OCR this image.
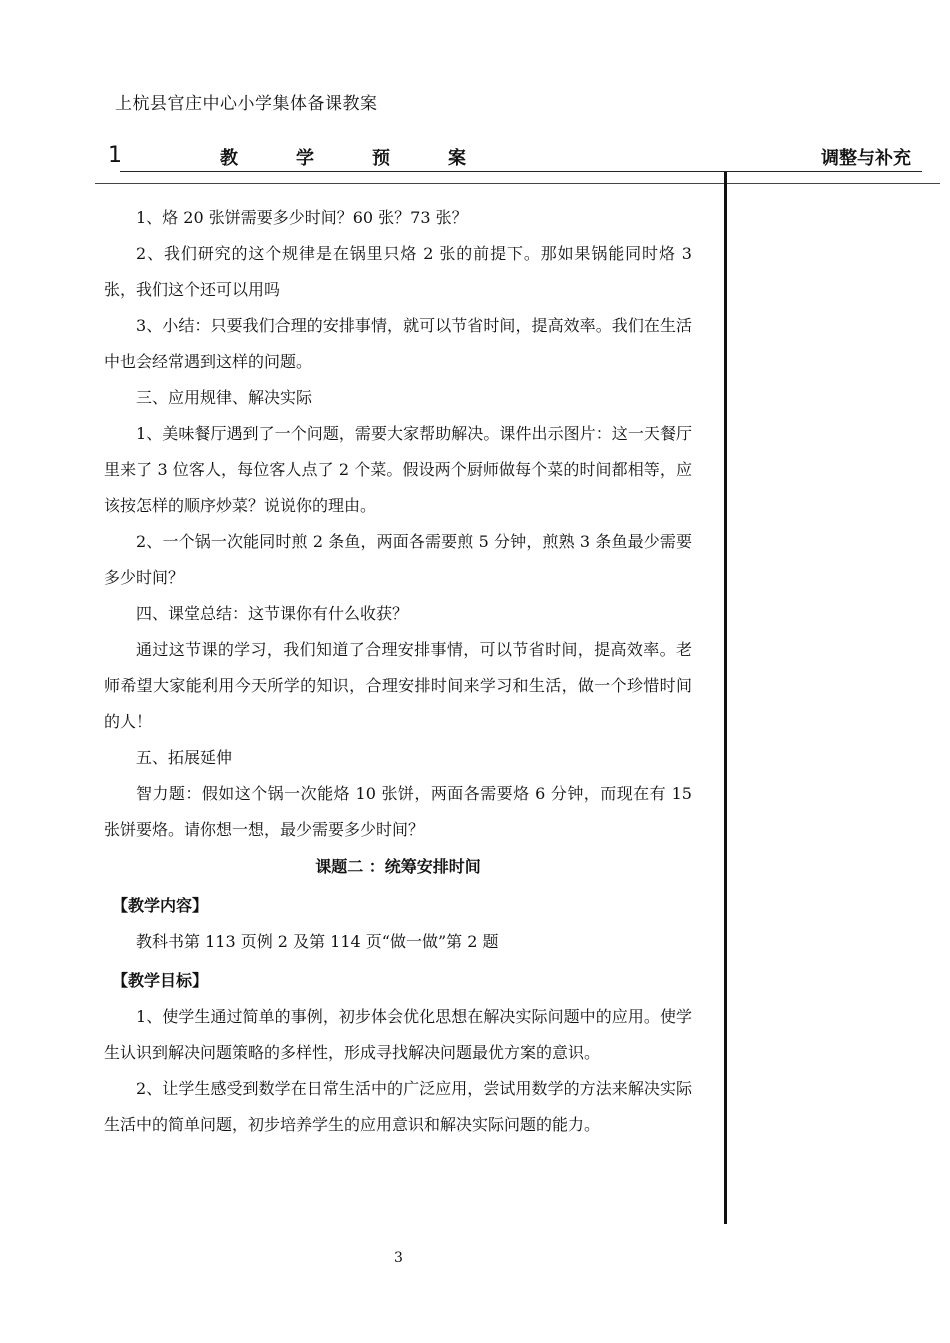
上杭县官庄中心小学集体备课教案
1	教学预案	调整与补充

1、烙 20 张饼需要多少时间？60 张？73 张？

2、我们研究的这个规律是在锅里只烙 2 张的前提下。那如果锅能同时烙 3 张，我们这个还可以用吗

3、小结：只要我们合理的安排事情，就可以节省时间，提高效率。我们在生活中也会经常遇到这样的问题。

三、应用规律、解决实际

1、美味餐厅遇到了一个问题，需要大家帮助解决。课件出示图片：这一天餐厅里来了 3 位客人，每位客人点了 2 个菜。假设两个厨师做每个菜的时间都相等，应该按怎样的顺序炒菜？说说你的理由。

2、一个锅一次能同时煎 2 条鱼，两面各需要煎 5 分钟，煎熟 3 条鱼最少需要多少时间？

四、课堂总结：这节课你有什么收获？

通过这节课的学习，我们知道了合理安排事情，可以节省时间，提高效率。老师希望大家能利用今天所学的知识，合理安排时间来学习和生活，做一个珍惜时间的人！

五、拓展延伸

智力题：假如这个锅一次能烙 10 张饼，两面各需要烙 6 分钟，而现在有 15 张饼要烙。请你想一想，最少需要多少时间？

课题二 ：统筹安排时间

【教学内容】

教科书第 113 页例 2 及第 114 页“做一做”第 2 题

【教学目标】

1、使学生通过简单的事例，初步体会优化思想在解决实际问题中的应用。使学生认识到解决问题策略的多样性，形成寻找解决问题最优方案的意识。

2、让学生感受到数学在日常生活中的广泛应用，尝试用数学的方法来解决实际生活中的简单问题，初步培养学生的应用意识和解决实际问题的能力。

3
